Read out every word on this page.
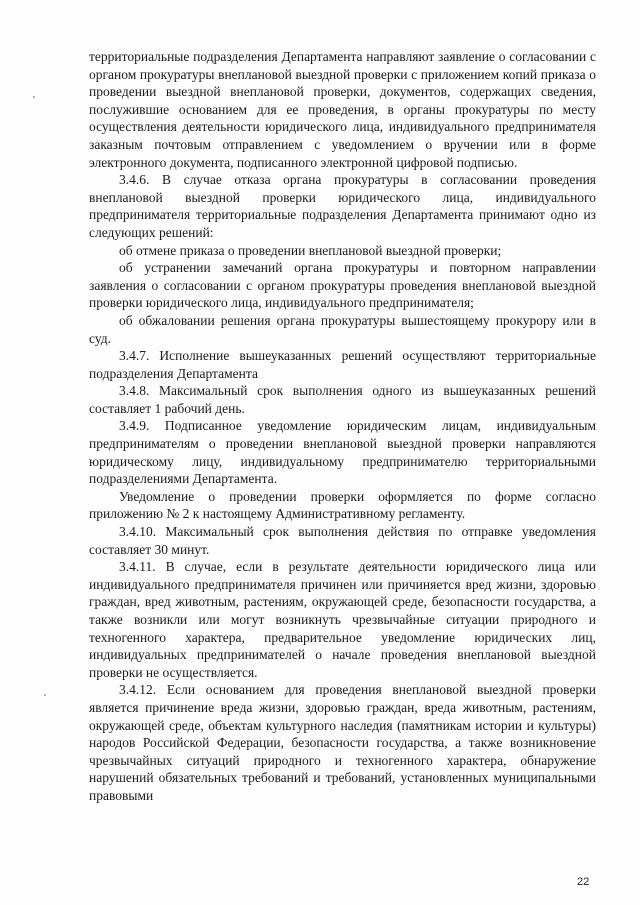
территориальные подразделения Департамента направляют заявление о согласовании с органом прокуратуры внеплановой выездной проверки с приложением копий приказа о проведении выездной внеплановой проверки, документов, содержащих сведения, послужившие основанием для ее проведения, в органы прокуратуры по месту осуществления деятельности юридического лица, индивидуального предпринимателя заказным почтовым отправлением с уведомлением о вручении или в форме электронного документа, подписанного электронной цифровой подписью.

3.4.6. В случае отказа органа прокуратуры в согласовании проведения внеплановой выездной проверки юридического лица, индивидуального предпринимателя территориальные подразделения Департамента принимают одно из следующих решений:

об отмене приказа о проведении внеплановой выездной проверки;

об устранении замечаний органа прокуратуры и повторном направлении заявления о согласовании с органом прокуратуры проведения внеплановой выездной проверки юридического лица, индивидуального предпринимателя;

об обжаловании решения органа прокуратуры вышестоящему прокурору или в суд.

3.4.7. Исполнение вышеуказанных решений осуществляют территориальные подразделения Департамента

3.4.8. Максимальный срок выполнения одного из вышеуказанных решений составляет 1 рабочий день.

3.4.9. Подписанное уведомление юридическим лицам, индивидуальным предпринимателям о проведении внеплановой выездной проверки направляются юридическому лицу, индивидуальному предпринимателю территориальными подразделениями Департамента.

Уведомление о проведении проверки оформляется по форме согласно приложению № 2 к настоящему Административному регламенту.

3.4.10. Максимальный срок выполнения действия по отправке уведомления составляет 30 минут.

3.4.11. В случае, если в результате деятельности юридического лица или индивидуального предпринимателя причинен или причиняется вред жизни, здоровью граждан, вред животным, растениям, окружающей среде, безопасности государства, а также возникли или могут возникнуть чрезвычайные ситуации природного и техногенного характера, предварительное уведомление юридических лиц, индивидуальных предпринимателей о начале проведения внеплановой выездной проверки не осуществляется.

3.4.12. Если основанием для проведения внеплановой выездной проверки является причинение вреда жизни, здоровью граждан, вреда животным, растениям, окружающей среде, объектам культурного наследия (памятникам истории и культуры) народов Российской Федерации, безопасности государства, а также возникновение чрезвычайных ситуаций природного и техногенного характера, обнаружение нарушений обязательных требований и требований, установленных муниципальными правовыми

22
